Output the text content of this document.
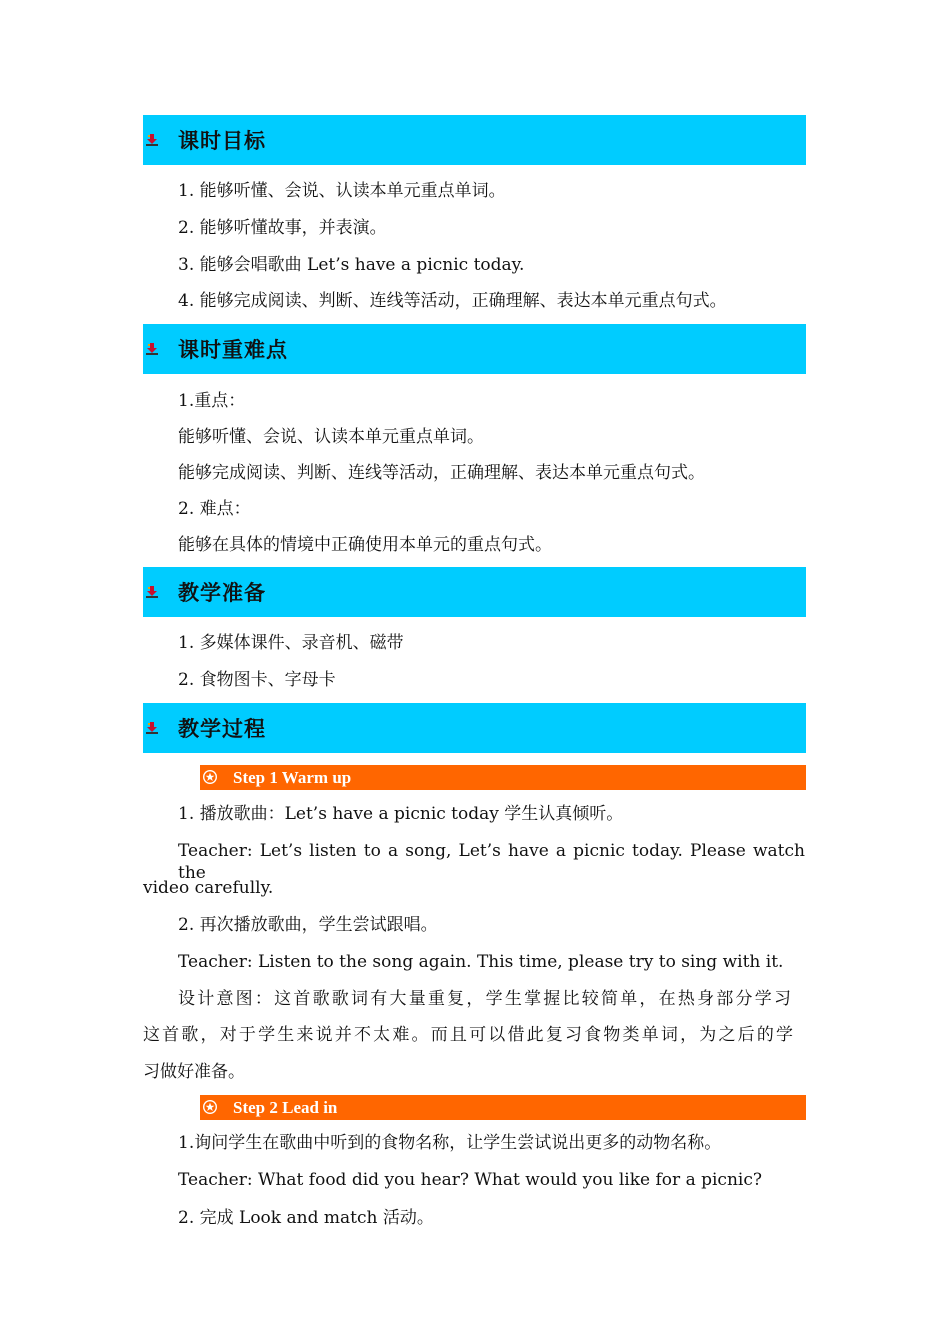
课时目标
1. 能够听懂、会说、认读本单元重点单词。
2. 能够听懂故事，并表演。
3. 能够会唱歌曲 Let’s have a picnic today.
4. 能够完成阅读、判断、连线等活动，正确理解、表达本单元重点句式。
课时重难点
1.重点：
能够听懂、会说、认读本单元重点单词。
能够完成阅读、判断、连线等活动，正确理解、表达本单元重点句式。
2. 难点：
能够在具体的情境中正确使用本单元的重点句式。
教学准备
1. 多媒体课件、录音机、磁带
2. 食物图卡、字母卡
教学过程
Step 1 Warm up
1. 播放歌曲：Let’s have a picnic today 学生认真倾听。
Teacher: Let’s listen to a song, Let’s have a picnic today. Please watch the
video carefully.
2. 再次播放歌曲，学生尝试跟唱。
Teacher: Listen to the song again. This time, please try to sing with it.
设计意图：这首歌歌词有大量重复，学生掌握比较简单，在热身部分学习
这首歌，对于学生来说并不太难。而且可以借此复习食物类单词，为之后的学
习做好准备。
Step 2 Lead in
1.询问学生在歌曲中听到的食物名称，让学生尝试说出更多的动物名称。
Teacher: What food did you hear? What would you like for a picnic?
2. 完成 Look and match 活动。
